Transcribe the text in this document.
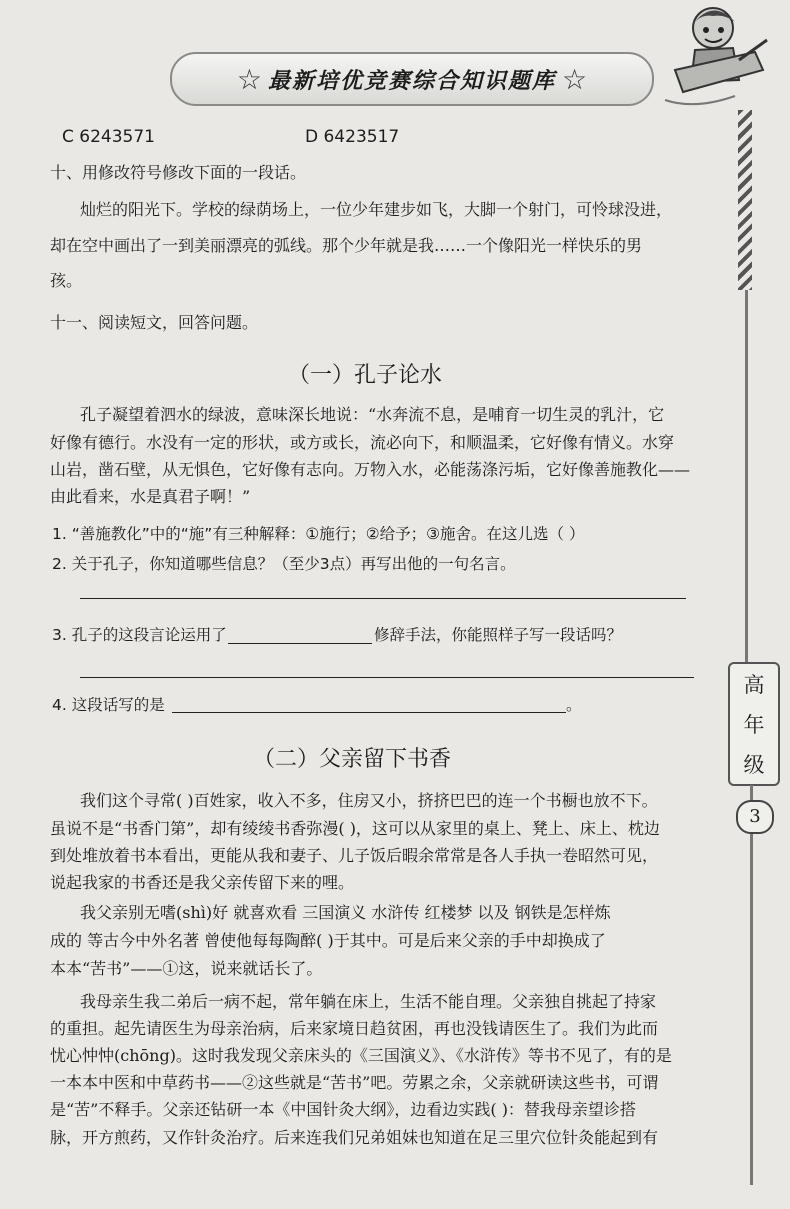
☆ 最新培优竞赛综合知识题库 ☆
高
年
级
3
C 6243571	D 6423517
十、用修改符号修改下面的一段话。
灿烂的阳光下。学校的绿荫场上，一位少年建步如飞，大脚一个射门，可怜球没进，
却在空中画出了一到美丽漂亮的弧线。那个少年就是我……一个像阳光一样快乐的男
孩。
十一、阅读短文，回答问题。
（一）孔子论水
孔子凝望着泗水的绿波，意味深长地说：“水奔流不息，是哺育一切生灵的乳汁，它
好像有德行。水没有一定的形状，或方或长，流必向下，和顺温柔，它好像有情义。水穿
山岩，凿石壁，从无惧色，它好像有志向。万物入水，必能荡涤污垢，它好像善施教化——
由此看来，水是真君子啊！”
1. “善施教化”中的“施”有三种解释：①施行；②给予；③施舍。在这儿选（ ）
2. 关于孔子，你知道哪些信息？（至少3点）再写出他的一句名言。
3. 孔子的这段言论运用了	修辞手法，你能照样子写一段话吗？
4. 这段话写的是	。
（二）父亲留下书香
我们这个寻常( )百姓家，收入不多，住房又小，挤挤巴巴的连一个书橱也放不下。
虽说不是“书香门第”，却有绫绫书香弥漫( )，这可以从家里的桌上、凳上、床上、枕边
到处堆放着书本看出，更能从我和妻子、儿子饭后暇余常常是各人手执一卷昭然可见，
说起我家的书香还是我父亲传留下来的哩。
我父亲别无嗜(shì)好 就喜欢看 三国演义 水浒传 红楼梦 以及 钢铁是怎样炼
成的 等古今中外名著 曾使他每每陶醉( )于其中。可是后来父亲的手中却换成了
本本“苦书”——①这，说来就话长了。
我母亲生我二弟后一病不起，常年躺在床上，生活不能自理。父亲独自挑起了持家
的重担。起先请医生为母亲治病，后来家境日趋贫困，再也没钱请医生了。我们为此而
忧心忡忡(chōng)。这时我发现父亲床头的《三国演义》、《水浒传》等书不见了，有的是
一本本中医和中草药书——②这些就是“苦书”吧。劳累之余，父亲就研读这些书，可谓
是“苦”不释手。父亲还钻研一本《中国针灸大纲》，边看边实践( )：替我母亲望诊搭
脉，开方煎药，又作针灸治疗。后来连我们兄弟姐妹也知道在足三里穴位针灸能起到有
